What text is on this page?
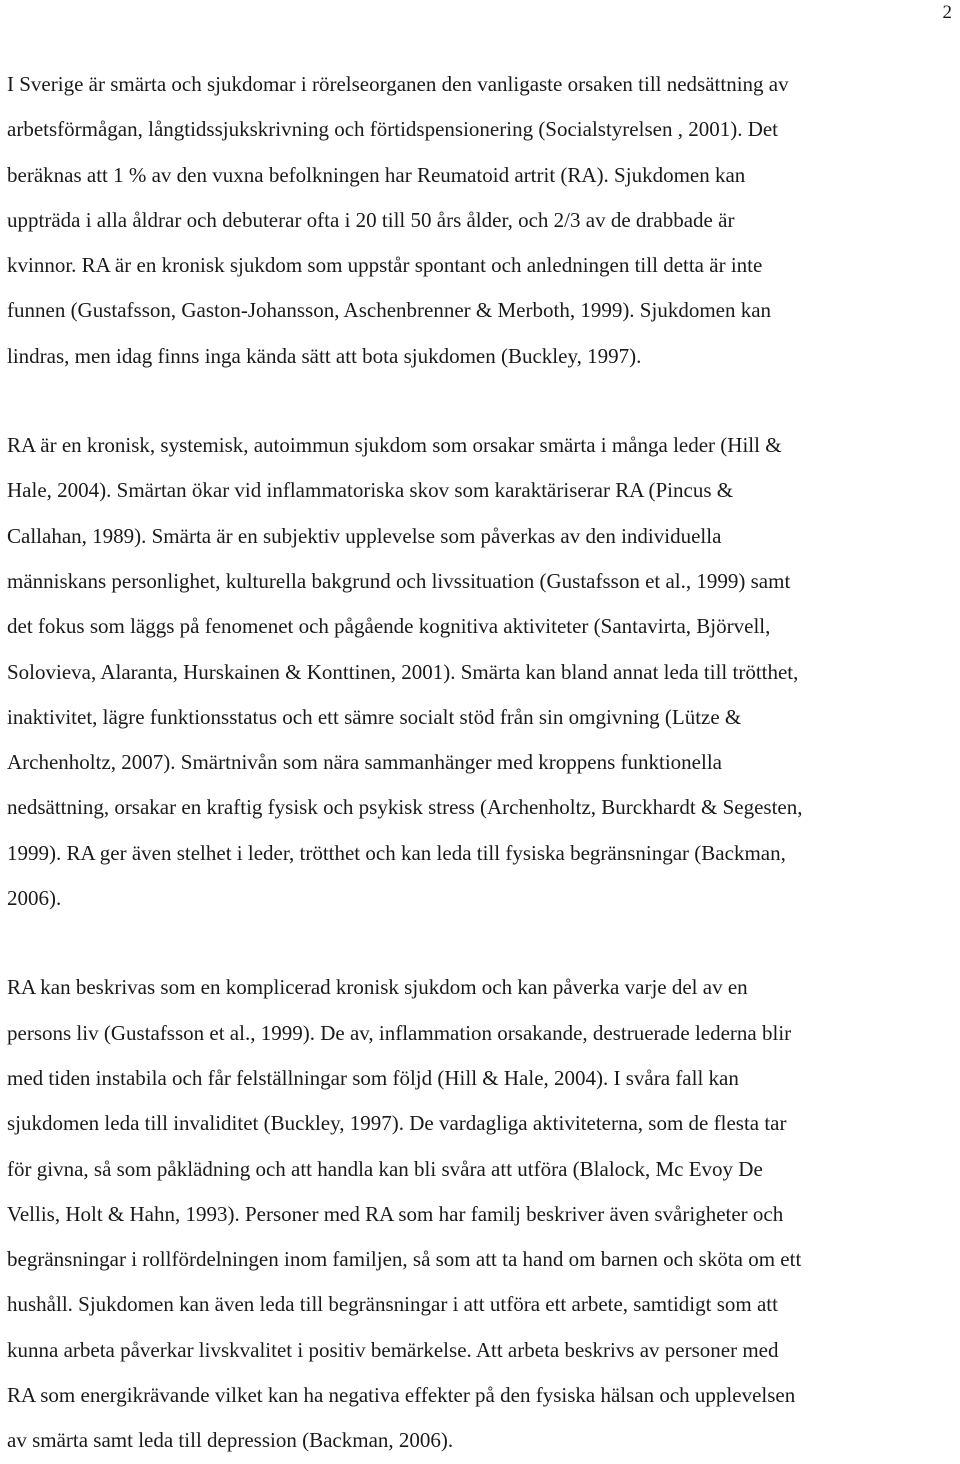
2

I Sverige är smärta och sjukdomar i rörelseorganen den vanligaste orsaken till nedsättning av
arbetsförmågan, långtidssjukskrivning och förtidspensionering (Socialstyrelsen , 2001). Det
beräknas att 1 % av den vuxna befolkningen har Reumatoid artrit (RA). Sjukdomen kan
uppträda i alla åldrar och debuterar ofta i 20 till 50 års ålder, och 2/3 av de drabbade är
kvinnor. RA är en kronisk sjukdom som uppstår spontant och anledningen till detta är inte
funnen (Gustafsson, Gaston-Johansson, Aschenbrenner & Merboth, 1999). Sjukdomen kan
lindras, men idag finns inga kända sätt att bota sjukdomen (Buckley, 1997).

RA är en kronisk, systemisk, autoimmun sjukdom som orsakar smärta i många leder (Hill &
Hale, 2004). Smärtan ökar vid inflammatoriska skov som karaktäriserar RA (Pincus &
Callahan, 1989). Smärta är en subjektiv upplevelse som påverkas av den individuella
människans personlighet, kulturella bakgrund och livssituation (Gustafsson et al., 1999) samt
det fokus som läggs på fenomenet och pågående kognitiva aktiviteter (Santavirta, Björvell,
Solovieva, Alaranta, Hurskainen & Konttinen, 2001). Smärta kan bland annat leda till trötthet,
inaktivitet, lägre funktionsstatus och ett sämre socialt stöd från sin omgivning (Lütze &
Archenholtz, 2007). Smärtnivån som nära sammanhänger med kroppens funktionella
nedsättning, orsakar en kraftig fysisk och psykisk stress (Archenholtz, Burckhardt & Segesten,
1999). RA ger även stelhet i leder, trötthet och kan leda till fysiska begränsningar (Backman,
2006).

RA kan beskrivas som en komplicerad kronisk sjukdom och kan påverka varje del av en
persons liv (Gustafsson et al., 1999). De av, inflammation orsakande, destruerade lederna blir
med tiden instabila och får felställningar som följd (Hill & Hale, 2004). I svåra fall kan
sjukdomen leda till invaliditet (Buckley, 1997). De vardagliga aktiviteterna, som de flesta tar
för givna, så som påklädning och att handla kan bli svåra att utföra (Blalock, Mc Evoy De
Vellis, Holt & Hahn, 1993). Personer med RA som har familj beskriver även svårigheter och
begränsningar i rollfördelningen inom familjen, så som att ta hand om barnen och sköta om ett
hushåll. Sjukdomen kan även leda till begränsningar i att utföra ett arbete, samtidigt som att
kunna arbeta påverkar livskvalitet i positiv bemärkelse. Att arbeta beskrivs av personer med
RA som energikrävande vilket kan ha negativa effekter på den fysiska hälsan och upplevelsen
av smärta samt leda till depression (Backman, 2006).
